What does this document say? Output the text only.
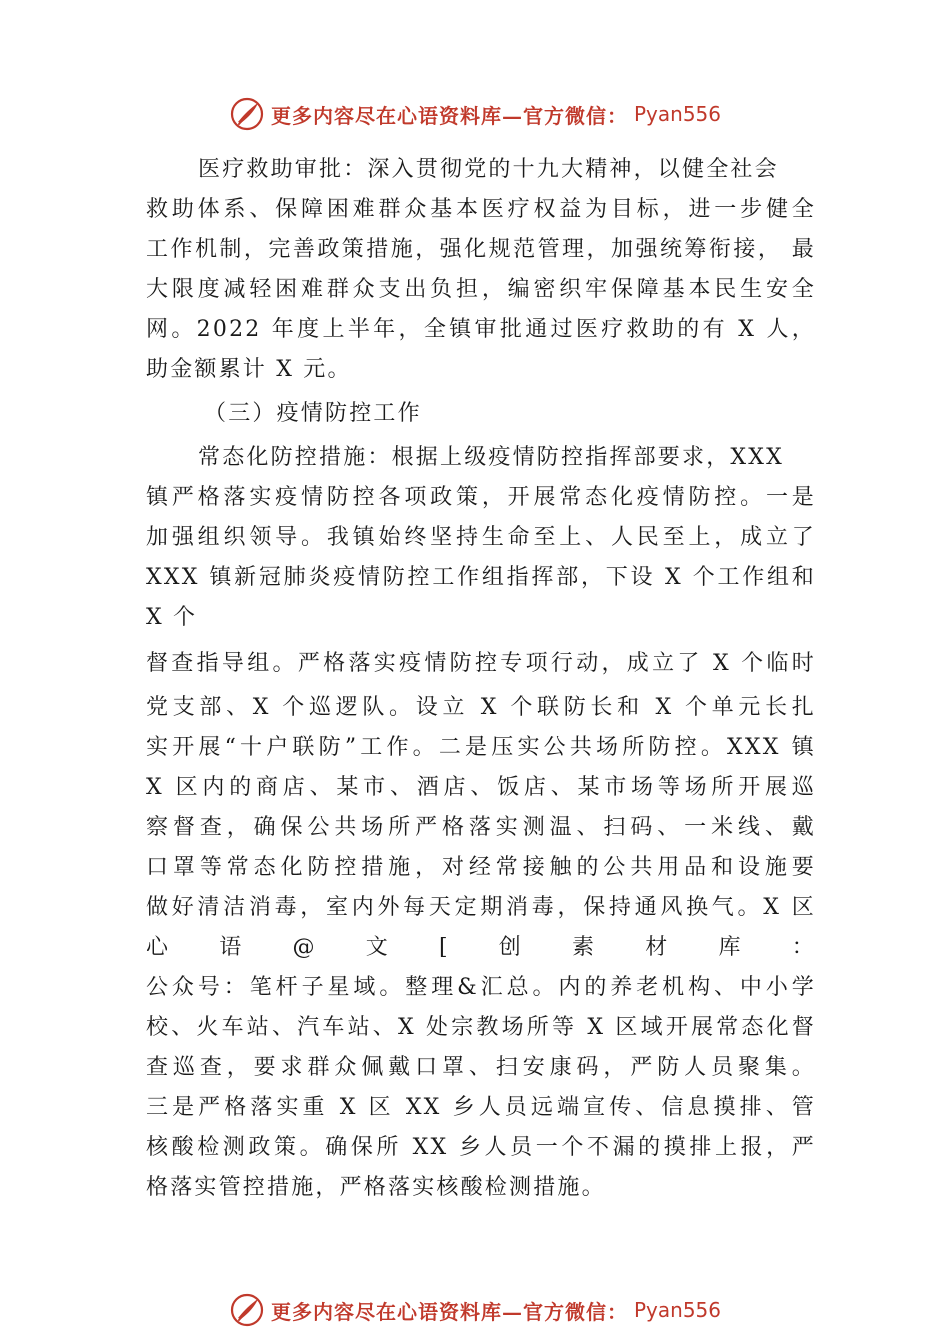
更多内容尽在心语资料库—官方微信： Pyan556
医疗救助审批：深入贯彻党的十九大精神，以健全社会
救助体系、保障困难群众基本医疗权益为目标，进一步健全
工作机制，完善政策措施，强化规范管理，加强统筹衔接， 最
大限度减轻困难群众支出负担，编密织牢保障基本民生安全
网。2022 年度上半年，全镇审批通过医疗救助的有 X 人，
助金额累计 X 元。
（三）疫情防控工作
常态化防控措施：根据上级疫情防控指挥部要求，XXX
镇严格落实疫情防控各项政策，开展常态化疫情防控。一是
加强组织领导。我镇始终坚持生命至上、人民至上，成立了
XXX 镇新冠肺炎疫情防控工作组指挥部，下设 X 个工作组和
X 个
督查指导组。严格落实疫情防控专项行动，成立了 X 个临时
党支部、X 个巡逻队。设立 X 个联防长和 X 个单元长扎
实开展“十户联防”工作。二是压实公共场所防控。XXX 镇
X 区内的商店、某市、酒店、饭店、某市场等场所开展巡
察督查，确保公共场所严格落实测温、扫码、一米线、戴
口罩等常态化防控措施，对经常接触的公共用品和设施要
做好清洁消毒，室内外每天定期消毒，保持通风换气。X 区
心语@文[创素材库：
公众号：笔杆子星域。整理&汇总。内的养老机构、中小学
校、火车站、汽车站、X 处宗教场所等 X 区域开展常态化督
查巡查，要求群众佩戴口罩、扫安康码，严防人员聚集。
三是严格落实重 X 区 XX 乡人员远端宣传、信息摸排、管
核酸检测政策。确保所 XX 乡人员一个不漏的摸排上报，严
格落实管控措施，严格落实核酸检测措施。
更多内容尽在心语资料库—官方微信： Pyan556
